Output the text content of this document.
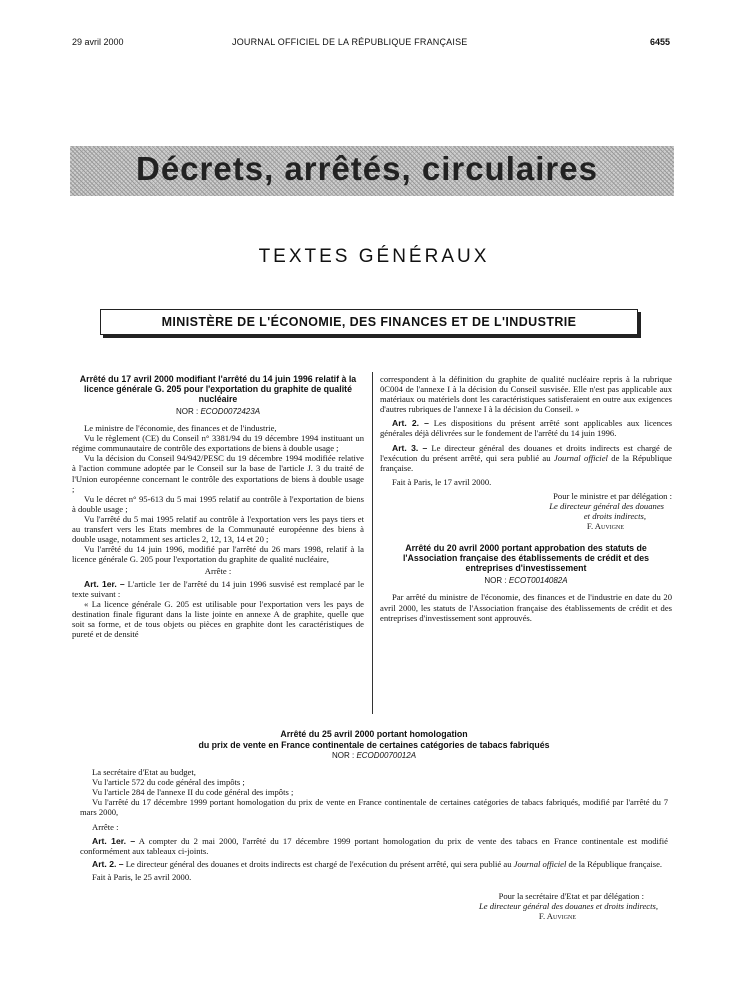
29 avril 2000	JOURNAL OFFICIEL DE LA RÉPUBLIQUE FRANÇAISE	6455
Décrets, arrêtés, circulaires
TEXTES GÉNÉRAUX
MINISTÈRE DE L'ÉCONOMIE, DES FINANCES ET DE L'INDUSTRIE
Arrêté du 17 avril 2000 modifiant l'arrêté du 14 juin 1996 relatif à la licence générale G. 205 pour l'exportation du graphite de qualité nucléaire
NOR : ECOD0072423A

Le ministre de l'économie, des finances et de l'industrie,

Vu le règlement (CE) du Conseil n° 3381/94 du 19 décembre 1994 instituant un régime communautaire de contrôle des exportations de biens à double usage ;

Vu la décision du Conseil 94/942/PESC du 19 décembre 1994 modifiée relative à l'action commune adoptée par le Conseil sur la base de l'article J. 3 du traité de l'Union européenne concernant le contrôle des exportations de biens à double usage ;

Vu le décret n° 95-613 du 5 mai 1995 relatif au contrôle à l'exportation de biens à double usage ;

Vu l'arrêté du 5 mai 1995 relatif au contrôle à l'exportation vers les pays tiers et au transfert vers les Etats membres de la Communauté européenne des biens à double usage, notamment ses articles 2, 12, 13, 14 et 20 ;

Vu l'arrêté du 14 juin 1996, modifié par l'arrêté du 26 mars 1998, relatif à la licence générale G. 205 pour l'exportation du graphite de qualité nucléaire,

Arrête :

Art. 1er. – L'article 1er de l'arrêté du 14 juin 1996 susvisé est remplacé par le texte suivant :

« La licence générale G. 205 est utilisable pour l'exportation vers les pays de destination finale figurant dans la liste jointe en annexe A de graphite, quelle que soit sa forme, et de tous objets ou pièces en graphite dont les caractéristiques de pureté et de densité

correspondent à la définition du graphite de qualité nucléaire repris à la rubrique 0C004 de l'annexe I à la décision du Conseil susvisée. Elle n'est pas applicable aux matériaux ou matériels dont les caractéristiques satisferaient en outre aux exigences d'autres rubriques de l'annexe I à la décision du Conseil. »

Art. 2. – Les dispositions du présent arrêté sont applicables aux licences générales déjà délivrées sur le fondement de l'arrêté du 14 juin 1996.

Art. 3. – Le directeur général des douanes et droits indirects est chargé de l'exécution du présent arrêté, qui sera publié au Journal officiel de la République française.

Fait à Paris, le 17 avril 2000.

Pour le ministre et par délégation :

Le directeur général des douanes

et droits indirects,

F. Auvigne

Arrêté du 20 avril 2000 portant approbation des statuts de l'Association française des établissements de crédit et des entreprises d'investissement
NOR : ECOT0014082A

Par arrêté du ministre de l'économie, des finances et de l'industrie en date du 20 avril 2000, les statuts de l'Association française des établissements de crédit et des entreprises d'investissement sont approuvés.

Arrêté du 25 avril 2000 portant homologation
du prix de vente en France continentale de certaines catégories de tabacs fabriqués
NOR : ECOD0070012A

La secrétaire d'Etat au budget,

Vu l'article 572 du code général des impôts ;

Vu l'article 284 de l'annexe II du code général des impôts ;

Vu l'arrêté du 17 décembre 1999 portant homologation du prix de vente en France continentale de certaines catégories de tabacs fabriqués, modifié par l'arrêté du 7 mars 2000,

Arrête :

Art. 1er. – A compter du 2 mai 2000, l'arrêté du 17 décembre 1999 portant homologation du prix de vente des tabacs en France continentale est modifié conformément aux tableaux ci-joints.

Art. 2. – Le directeur général des douanes et droits indirects est chargé de l'exécution du présent arrêté, qui sera publié au Journal officiel de la République française.

Fait à Paris, le 25 avril 2000.

Pour la secrétaire d'Etat et par délégation :

Le directeur général des douanes et droits indirects,

F. Auvigne
